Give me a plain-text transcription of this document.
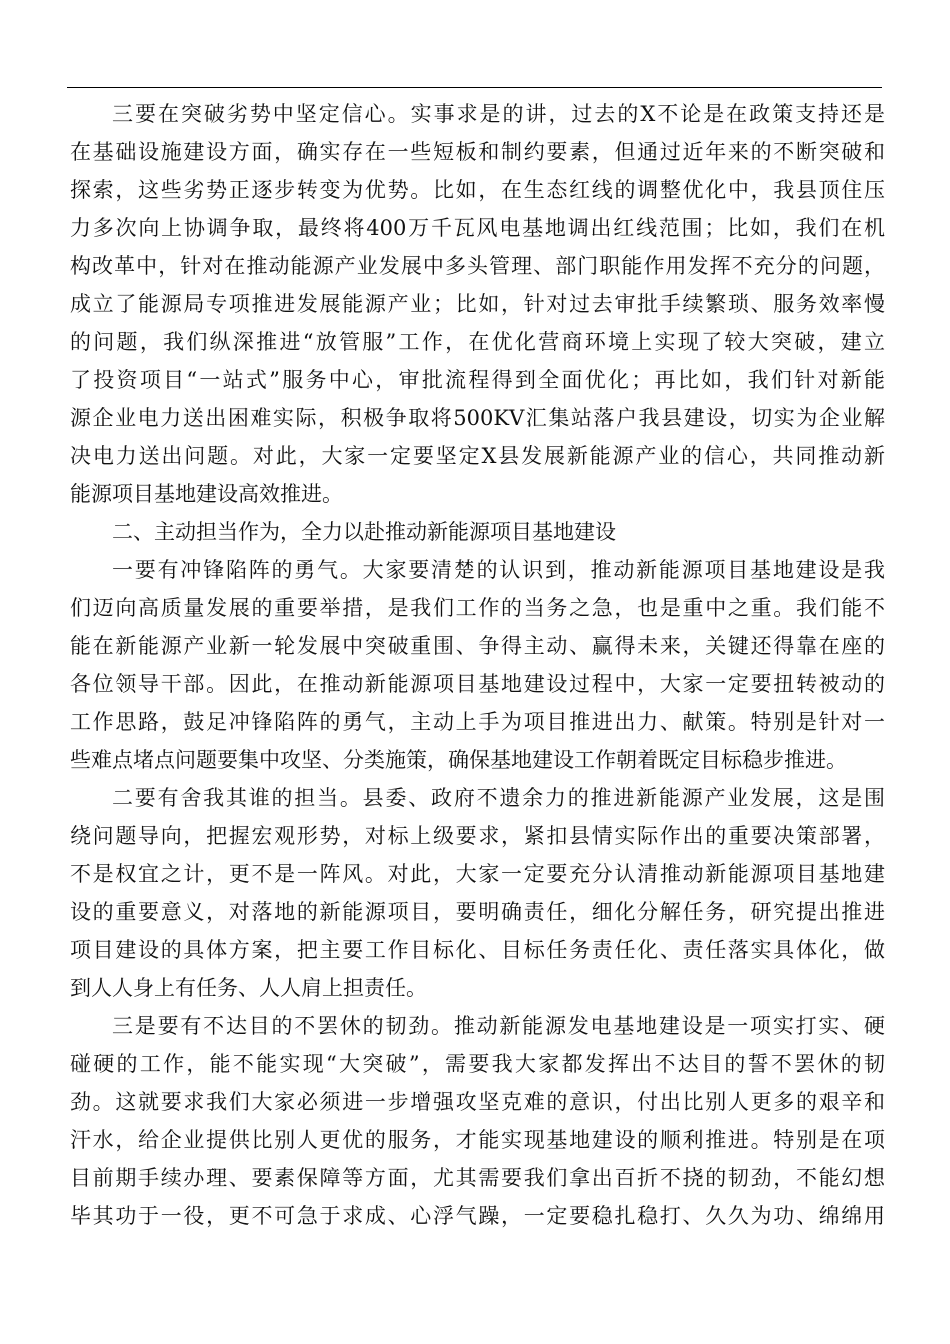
三要在突破劣势中坚定信心。实事求是的讲，过去的X不论是在政策支持还是
在基础设施建设方面，确实存在一些短板和制约要素，但通过近年来的不断突破和
探索，这些劣势正逐步转变为优势。比如，在生态红线的调整优化中，我县顶住压
力多次向上协调争取，最终将400万千瓦风电基地调出红线范围；比如，我们在机
构改革中，针对在推动能源产业发展中多头管理、部门职能作用发挥不充分的问题，
成立了能源局专项推进发展能源产业；比如，针对过去审批手续繁琐、服务效率慢
的问题，我们纵深推进“放管服”工作，在优化营商环境上实现了较大突破，建立
了投资项目“一站式”服务中心，审批流程得到全面优化；再比如，我们针对新能
源企业电力送出困难实际，积极争取将500KV汇集站落户我县建设，切实为企业解
决电力送出问题。对此，大家一定要坚定X县发展新能源产业的信心，共同推动新
能源项目基地建设高效推进。
二、主动担当作为，全力以赴推动新能源项目基地建设
一要有冲锋陷阵的勇气。大家要清楚的认识到，推动新能源项目基地建设是我
们迈向高质量发展的重要举措，是我们工作的当务之急，也是重中之重。我们能不
能在新能源产业新一轮发展中突破重围、争得主动、赢得未来，关键还得靠在座的
各位领导干部。因此，在推动新能源项目基地建设过程中，大家一定要扭转被动的
工作思路，鼓足冲锋陷阵的勇气，主动上手为项目推进出力、献策。特别是针对一
些难点堵点问题要集中攻坚、分类施策，确保基地建设工作朝着既定目标稳步推进。
二要有舍我其谁的担当。县委、政府不遗余力的推进新能源产业发展，这是围
绕问题导向，把握宏观形势，对标上级要求，紧扣县情实际作出的重要决策部署，
不是权宜之计，更不是一阵风。对此，大家一定要充分认清推动新能源项目基地建
设的重要意义，对落地的新能源项目，要明确责任，细化分解任务，研究提出推进
项目建设的具体方案，把主要工作目标化、目标任务责任化、责任落实具体化，做
到人人身上有任务、人人肩上担责任。
三是要有不达目的不罢休的韧劲。推动新能源发电基地建设是一项实打实、硬
碰硬的工作，能不能实现“大突破”，需要我大家都发挥出不达目的誓不罢休的韧
劲。这就要求我们大家必须进一步增强攻坚克难的意识，付出比别人更多的艰辛和
汗水，给企业提供比别人更优的服务，才能实现基地建设的顺利推进。特别是在项
目前期手续办理、要素保障等方面，尤其需要我们拿出百折不挠的韧劲，不能幻想
毕其功于一役，更不可急于求成、心浮气躁，一定要稳扎稳打、久久为功、绵绵用
